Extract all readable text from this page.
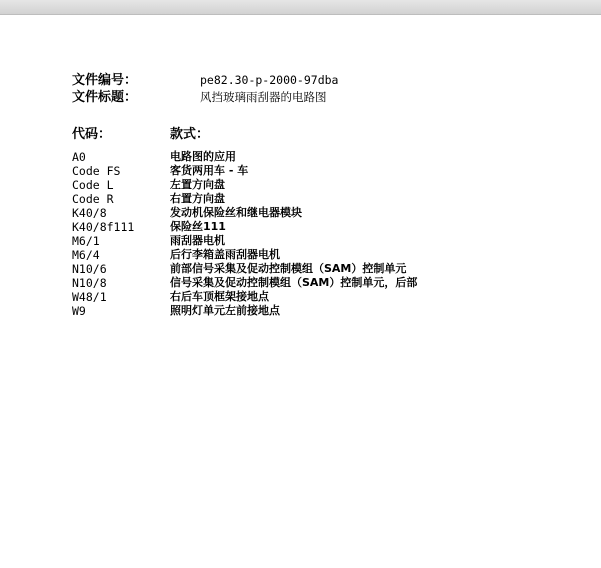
文件编号：	pe82.30-p-2000-97dba
文件标题：	风挡玻璃雨刮器的电路图
代码：	款式：
A0	电路图的应用
Code FS	客货两用车 - 车
Code L	左置方向盘
Code R	右置方向盘
K40/8	发动机保险丝和继电器模块
K40/8f111	保险丝111
M6/1	雨刮器电机
M6/4	后行李箱盖雨刮器电机
N10/6	前部信号采集及促动控制模组（SAM）控制单元
N10/8	信号采集及促动控制模组（SAM）控制单元，后部
W48/1	右后车顶框架接地点
W9	照明灯单元左前接地点
